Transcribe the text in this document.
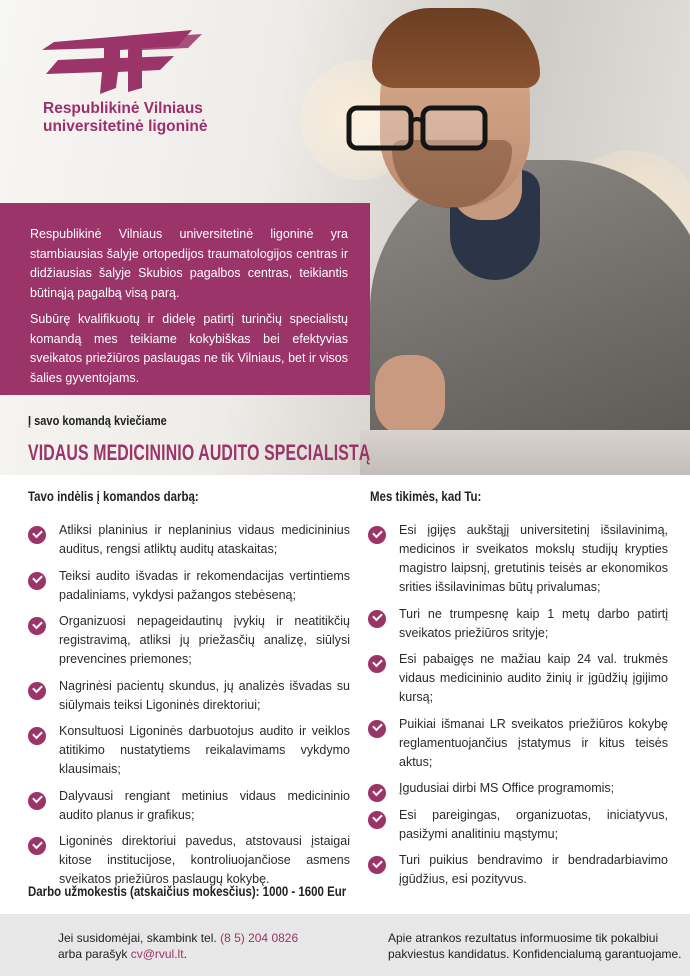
Respublikinė Vilniaus
universitetinė ligoninė

Respublikinė Vilniaus universitetinė ligoninė yra stambiausias šalyje ortopedijos traumatologijos centras ir didžiausias šalyje Skubios pagalbos centras, teikiantis būtinąją pagalbą visą parą.

Subūrę kvalifikuotų ir didelę patirtį turinčių specialistų komandą mes teikiame kokybiškas bei efektyvias sveikatos priežiūros paslaugas ne tik Vilniaus, bet ir visos šalies gyventojams.

Į savo komandą kviečiame
VIDAUS MEDICININIO AUDITO SPECIALISTĄ
Tavo indėlis į komandos darbą:	Mes tikimės, kad Tu:
Atliksi planinius ir neplaninius vidaus medicininius auditus, rengsi atliktų auditų ataskaitas;
Teiksi audito išvadas ir rekomendacijas vertintiems padaliniams, vykdysi pažangos stebėseną;
Organizuosi nepageidautinų įvykių ir neatitikčių registravimą, atliksi jų priežasčių analizę, siūlysi prevencines priemones;
Nagrinėsi pacientų skundus, jų analizės išvadas su siūlymais teiksi Ligoninės direktoriui;
Konsultuosi Ligoninės darbuotojus audito ir veiklos atitikimo nustatytiems reikalavimams vykdymo klausimais;
Dalyvausi rengiant metinius vidaus medicininio audito planus ir grafikus;
Ligoninės direktoriui pavedus, atstovausi įstaigai kitose institucijose, kontroliuojančiose asmens sveikatos priežiūros paslaugų kokybę.
Esi įgijęs aukštąjį universitetinį išsilavinimą, medicinos ir sveikatos mokslų studijų krypties magistro laipsnį, gretutinis teisės ar ekonomikos srities išsilavinimas būtų privalumas;
Turi ne trumpesnę kaip 1 metų darbo patirtį sveikatos priežiūros srityje;
Esi pabaigęs ne mažiau kaip 24 val. trukmės vidaus medicininio audito žinių ir įgūdžių įgijimo kursą;
Puikiai išmanai LR sveikatos priežiūros kokybę reglamentuojančius įstatymus ir kitus teisės aktus;
Įgudusiai dirbi MS Office programomis;
Esi pareigingas, organizuotas, iniciatyvus, pasižymi analitiniu mąstymu;
Turi puikius bendravimo ir bendradarbiavimo įgūdžius, esi pozityvus.
Darbo užmokestis (atskaičius mokesčius): 1000 - 1600 Eur
Jei susidomėjai, skambink tel. (8 5) 204 0826
arba parašyk cv@rvul.lt.
Apie atrankos rezultatus informuosime tik pokalbiui pakviestus kandidatus. Konfidencialumą garantuojame.
